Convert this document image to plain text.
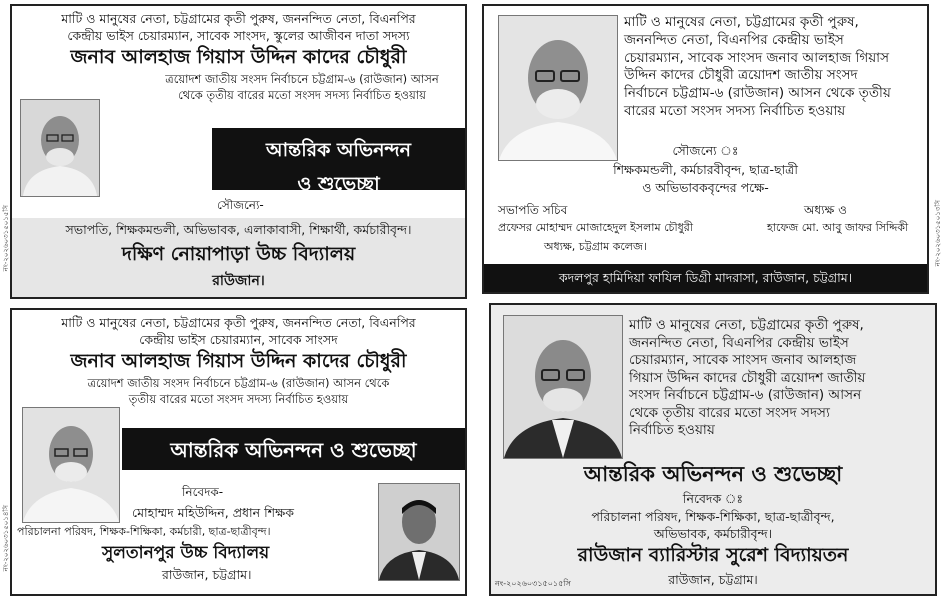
মাটি ও মানুষের নেতা, চট্টগ্রামের কৃতী পুরুষ, জননন্দিত নেতা, বিএনপির
কেন্দ্রীয় ভাইস চেয়ারম্যান, সাবেক সাংসদ, স্কুলের আজীবন দাতা সদস্য
জনাব আলহাজ গিয়াস উদ্দিন কাদের চৌধুরী
ত্রয়োদশ জাতীয় সংসদ নির্বাচনে চট্টগ্রাম-৬ (রাউজান) আসন
থেকে তৃতীয় বারের মতো সংসদ সদস্য নির্বাচিত হওয়ায়
আন্তরিক অভিনন্দন
ও শুভেচ্ছা
সৌজন্যে-
সভাপতি, শিক্ষকমন্ডলী, অভিভাবক, এলাকাবাসী, শিক্ষার্থী, কর্মচারীবৃন্দ।
দক্ষিণ নোয়াপাড়া উচ্চ বিদ্যালয়
রাউজান।
নং-২০২৬০৩১৫০১৫সি
মাটি ও মানুষের নেতা, চট্টগ্রামের কৃতী পুরুষ,
জননন্দিত নেতা, বিএনপির কেন্দ্রীয় ভাইস
চেয়ারম্যান, সাবেক সাংসদ জনাব আলহাজ গিয়াস
উদ্দিন কাদের চৌধুরী ত্রয়োদশ জাতীয় সংসদ
নির্বাচনে চট্টগ্রাম-৬ (রাউজান) আসন থেকে তৃতীয়
বারের মতো সংসদ সদস্য নির্বাচিত হওয়ায়
সৌজন্যে ঃ
শিক্ষকমন্ডলী, কর্মচারবীবৃন্দ, ছাত্র-ছাত্রী
ও অভিভাবকবৃন্দের পক্ষে-
সভাপতি সচিব
প্রফেসর মোহাম্মদ মোজাহেদুল ইসলাম চৌধুরী
অধ্যক্ষ, চট্টগ্রাম কলেজ।
অধ্যক্ষ ও
হাফেজ মো. আবু জাফর সিদ্দিকী
কদলপুর হামিদিয়া ফাযিল ডিগ্রী মাদরাসা, রাউজান, চট্টগ্রাম।
নং-২০২৬০৩১৫০১৩সি
মাটি ও মানুষের নেতা, চট্টগ্রামের কৃতী পুরুষ, জননন্দিত নেতা, বিএনপির
কেন্দ্রীয় ভাইস চেয়ারম্যান, সাবেক সাংসদ
জনাব আলহাজ গিয়াস উদ্দিন কাদের চৌধুরী
ত্রয়োদশ জাতীয় সংসদ নির্বাচনে চট্টগ্রাম-৬ (রাউজান) আসন থেকে
তৃতীয় বারের মতো সংসদ সদস্য নির্বাচিত হওয়ায়
আন্তরিক অভিনন্দন ও শুভেচ্ছা
নিবেদক-
মোহাম্মদ মহিউদ্দিন, প্রধান শিক্ষক
পরিচালনা পরিষদ, শিক্ষক-শিক্ষিকা, কর্মচারী, ছাত্র-ছাত্রীবৃন্দ।
সুলতানপুর উচ্চ বিদ্যালয়
রাউজান, চট্টগ্রাম।
নং-২০২৬০৩১৫০১৪সি
মাটি ও মানুষের নেতা, চট্টগ্রামের কৃতী পুরুষ,
জননন্দিত নেতা, বিএনপির কেন্দ্রীয় ভাইস
চেয়ারম্যান, সাবেক সাংসদ জনাব আলহাজ
গিয়াস উদ্দিন কাদের চৌধুরী ত্রয়োদশ জাতীয়
সংসদ নির্বাচনে চট্টগ্রাম-৬ (রাউজান) আসন
থেকে তৃতীয় বারের মতো সংসদ সদস্য
নির্বাচিত হওয়ায়
আন্তরিক অভিনন্দন ও শুভেচ্ছা
নিবেদক ঃ
পরিচালনা পরিষদ, শিক্ষক-শিক্ষিকা, ছাত্র-ছাত্রীবৃন্দ,
অভিভাবক, কর্মচারীবৃন্দ।
রাউজান ব্যারিস্টার সুরেশ বিদ্যায়তন
রাউজান, চট্টগ্রাম।
নং-২০২৬০৩১৫০১৫সি
